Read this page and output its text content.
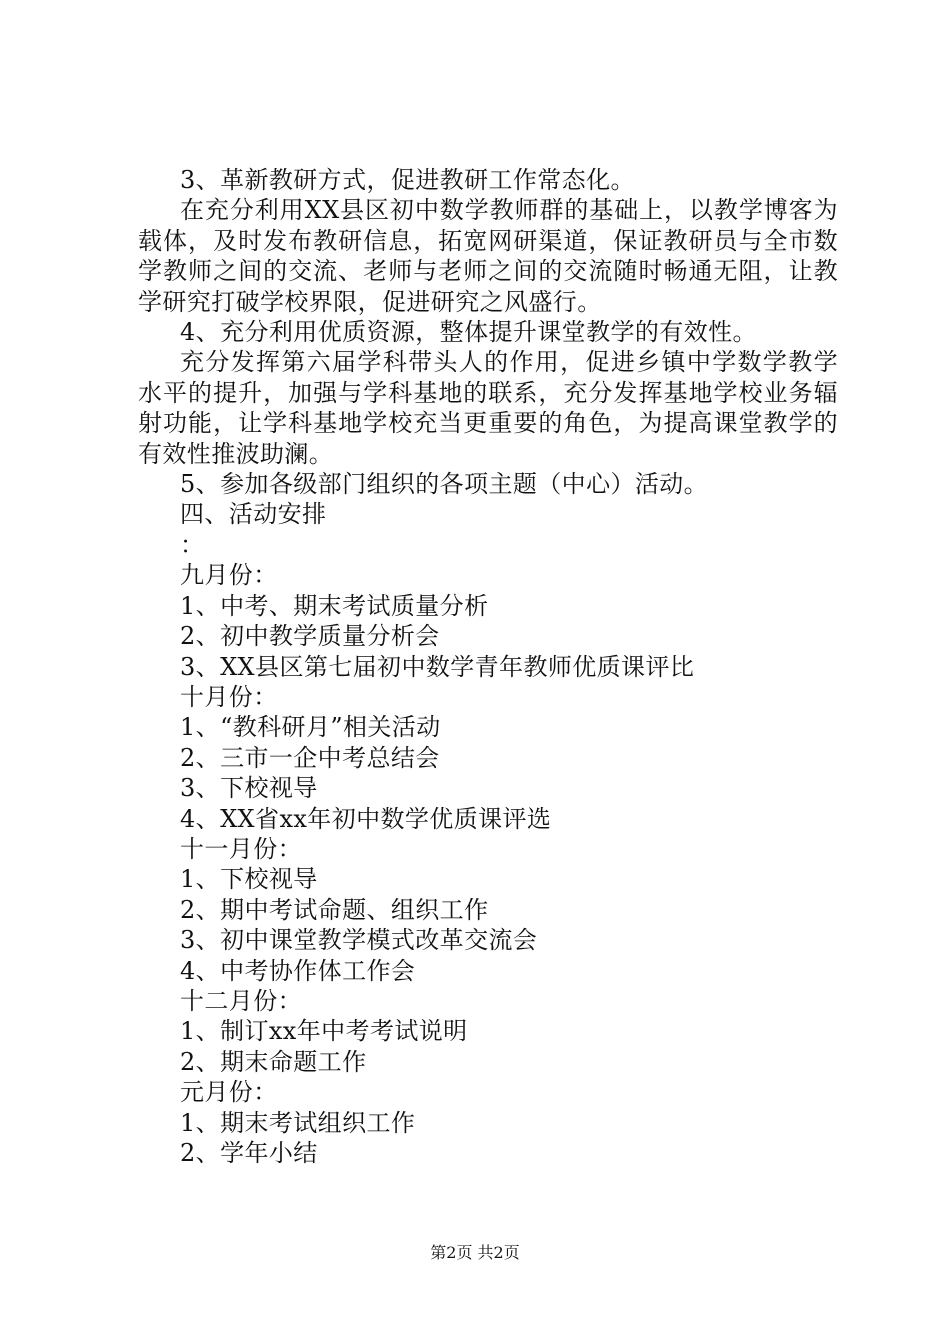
3、革新教研方式，促进教研工作常态化。

在充分利用XX县区初中数学教师群的基础上，以教学博客为载体，及时发布教研信息，拓宽网研渠道，保证教研员与全市数学教师之间的交流、老师与老师之间的交流随时畅通无阻，让教学研究打破学校界限，促进研究之风盛行。

4、充分利用优质资源，整体提升课堂教学的有效性。

充分发挥第六届学科带头人的作用，促进乡镇中学数学教学水平的提升，加强与学科基地的联系，充分发挥基地学校业务辐射功能，让学科基地学校充当更重要的角色，为提高课堂教学的有效性推波助澜。

5、参加各级部门组织的各项主题（中心）活动。
四、活动安排
：
九月份：
1、中考、期末考试质量分析
2、初中教学质量分析会
3、XX县区第七届初中数学青年教师优质课评比
十月份：
1、“教科研月”相关活动
2、三市一企中考总结会
3、下校视导
4、XX省xx年初中数学优质课评选
十一月份：
1、下校视导
2、期中考试命题、组织工作
3、初中课堂教学模式改革交流会
4、中考协作体工作会
十二月份：
1、制订xx年中考考试说明
2、期末命题工作
元月份：
1、期末考试组织工作
2、学年小结
第2页 共2页
